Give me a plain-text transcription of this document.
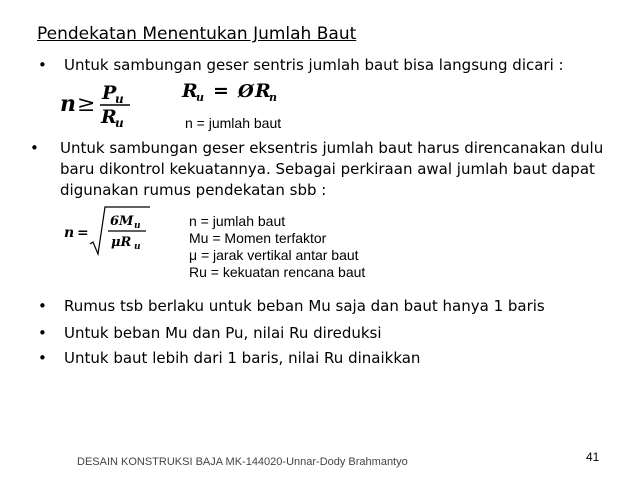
Pendekatan Menentukan Jumlah Baut
• Untuk sambungan geser sentris jumlah baut bisa langsung dicari :
n ≥ P
u
R
u
R
u = Ø R
n
n = jumlah baut
• Untuk sambungan geser eksentris jumlah baut harus direncanakan dulu baru dikontrol kekuatannya. Sebagai perkiraan awal jumlah baut dapat digunakan rumus pendekatan sbb :
n =
6M u
μR u
n = jumlah baut
Mu = Momen terfaktor
μ = jarak vertikal antar baut
Ru = kekuatan rencana baut
• Rumus tsb berlaku untuk beban Mu saja dan baut hanya 1 baris
• Untuk beban Mu dan Pu, nilai Ru direduksi
• Untuk baut lebih dari 1 baris, nilai Ru dinaikkan
DESAIN KONSTRUKSI BAJA MK-144020-Unnar-Dody Brahmantyo	41
